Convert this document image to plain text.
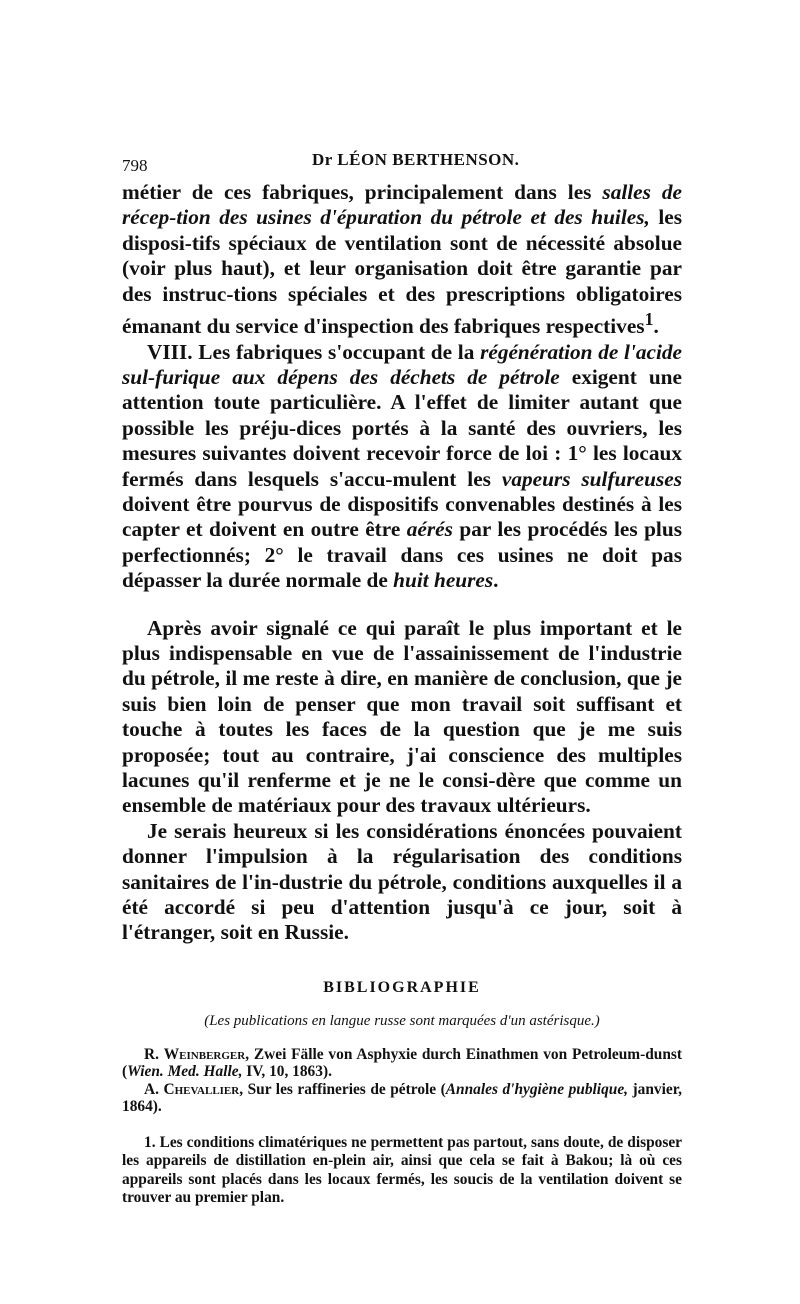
798	Dr LÉON BERTHENSON.

métier de ces fabriques, principalement dans les salles de récep-tion des usines d'épuration du pétrole et des huiles, les disposi-tifs spéciaux de ventilation sont de nécessité absolue (voir plus haut), et leur organisation doit être garantie par des instruc-tions spéciales et des prescriptions obligatoires émanant du service d'inspection des fabriques respectives$^1$.

VIII. Les fabriques s'occupant de la régénération de l'acide sul-furique aux dépens des déchets de pétrole exigent une attention toute particulière. A l'effet de limiter autant que possible les préju-dices portés à la santé des ouvriers, les mesures suivantes doivent recevoir force de loi : 1° les locaux fermés dans lesquels s'accu-mulent les vapeurs sulfureuses doivent être pourvus de dispositifs convenables destinés à les capter et doivent en outre être aérés par les procédés les plus perfectionnés; 2° le travail dans ces usines ne doit pas dépasser la durée normale de huit heures.

Après avoir signalé ce qui paraît le plus important et le plus indispensable en vue de l'assainissement de l'industrie du pétrole, il me reste à dire, en manière de conclusion, que je suis bien loin de penser que mon travail soit suffisant et touche à toutes les faces de la question que je me suis proposée; tout au contraire, j'ai conscience des multiples lacunes qu'il renferme et je ne le consi-dère que comme un ensemble de matériaux pour des travaux ultérieurs.

Je serais heureux si les considérations énoncées pouvaient donner l'impulsion à la régularisation des conditions sanitaires de l'in-dustrie du pétrole, conditions auxquelles il a été accordé si peu d'attention jusqu'à ce jour, soit à l'étranger, soit en Russie.

BIBLIOGRAPHIE

(Les publications en langue russe sont marquées d'un astérisque.)

R. Weinberger, Zwei Fälle von Asphyxie durch Einathmen von Petroleum-dunst (Wien. Med. Halle, IV, 10, 1863).

A. Chevallier, Sur les raffineries de pétrole (Annales d'hygiène publique, janvier, 1864).

1. Les conditions climatériques ne permettent pas partout, sans doute, de disposer les appareils de distillation en-plein air, ainsi que cela se fait à Bakou; là où ces appareils sont placés dans les locaux fermés, les soucis de la ventilation doivent se trouver au premier plan.
